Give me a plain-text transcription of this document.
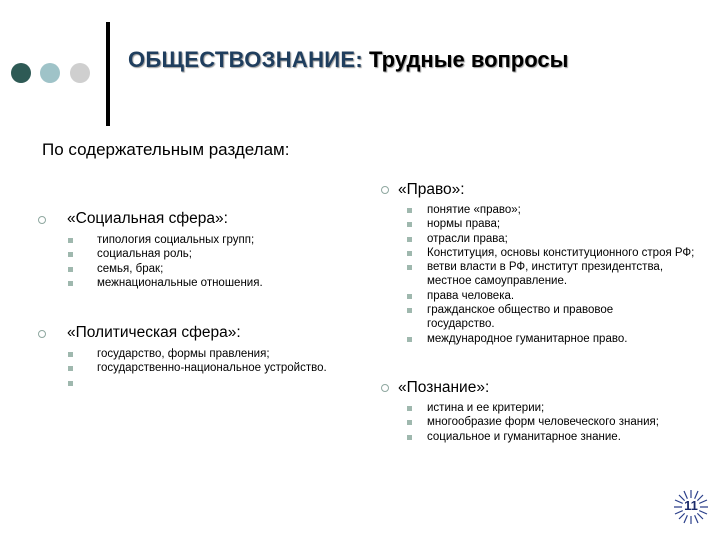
ОБЩЕСТВОЗНАНИЕ: Трудные вопросы
По содержательным разделам:
«Социальная сфера»:
типология социальных групп;
социальная роль;
семья, брак;
межнациональные отношения.
«Политическая сфера»:
государство, формы правления;
государственно-национальное устройство.
«Право»:
понятие «право»;
нормы права;
отрасли права;
Конституция, основы конституционного строя РФ;
ветви власти в РФ, институт президентства, местное самоуправление.
права человека.
гражданское общество и правовое государство.
международное гуманитарное право.
«Познание»:
истина и ее критерии;
многообразие форм человеческого знания;
социальное и гуманитарное знание.
11
